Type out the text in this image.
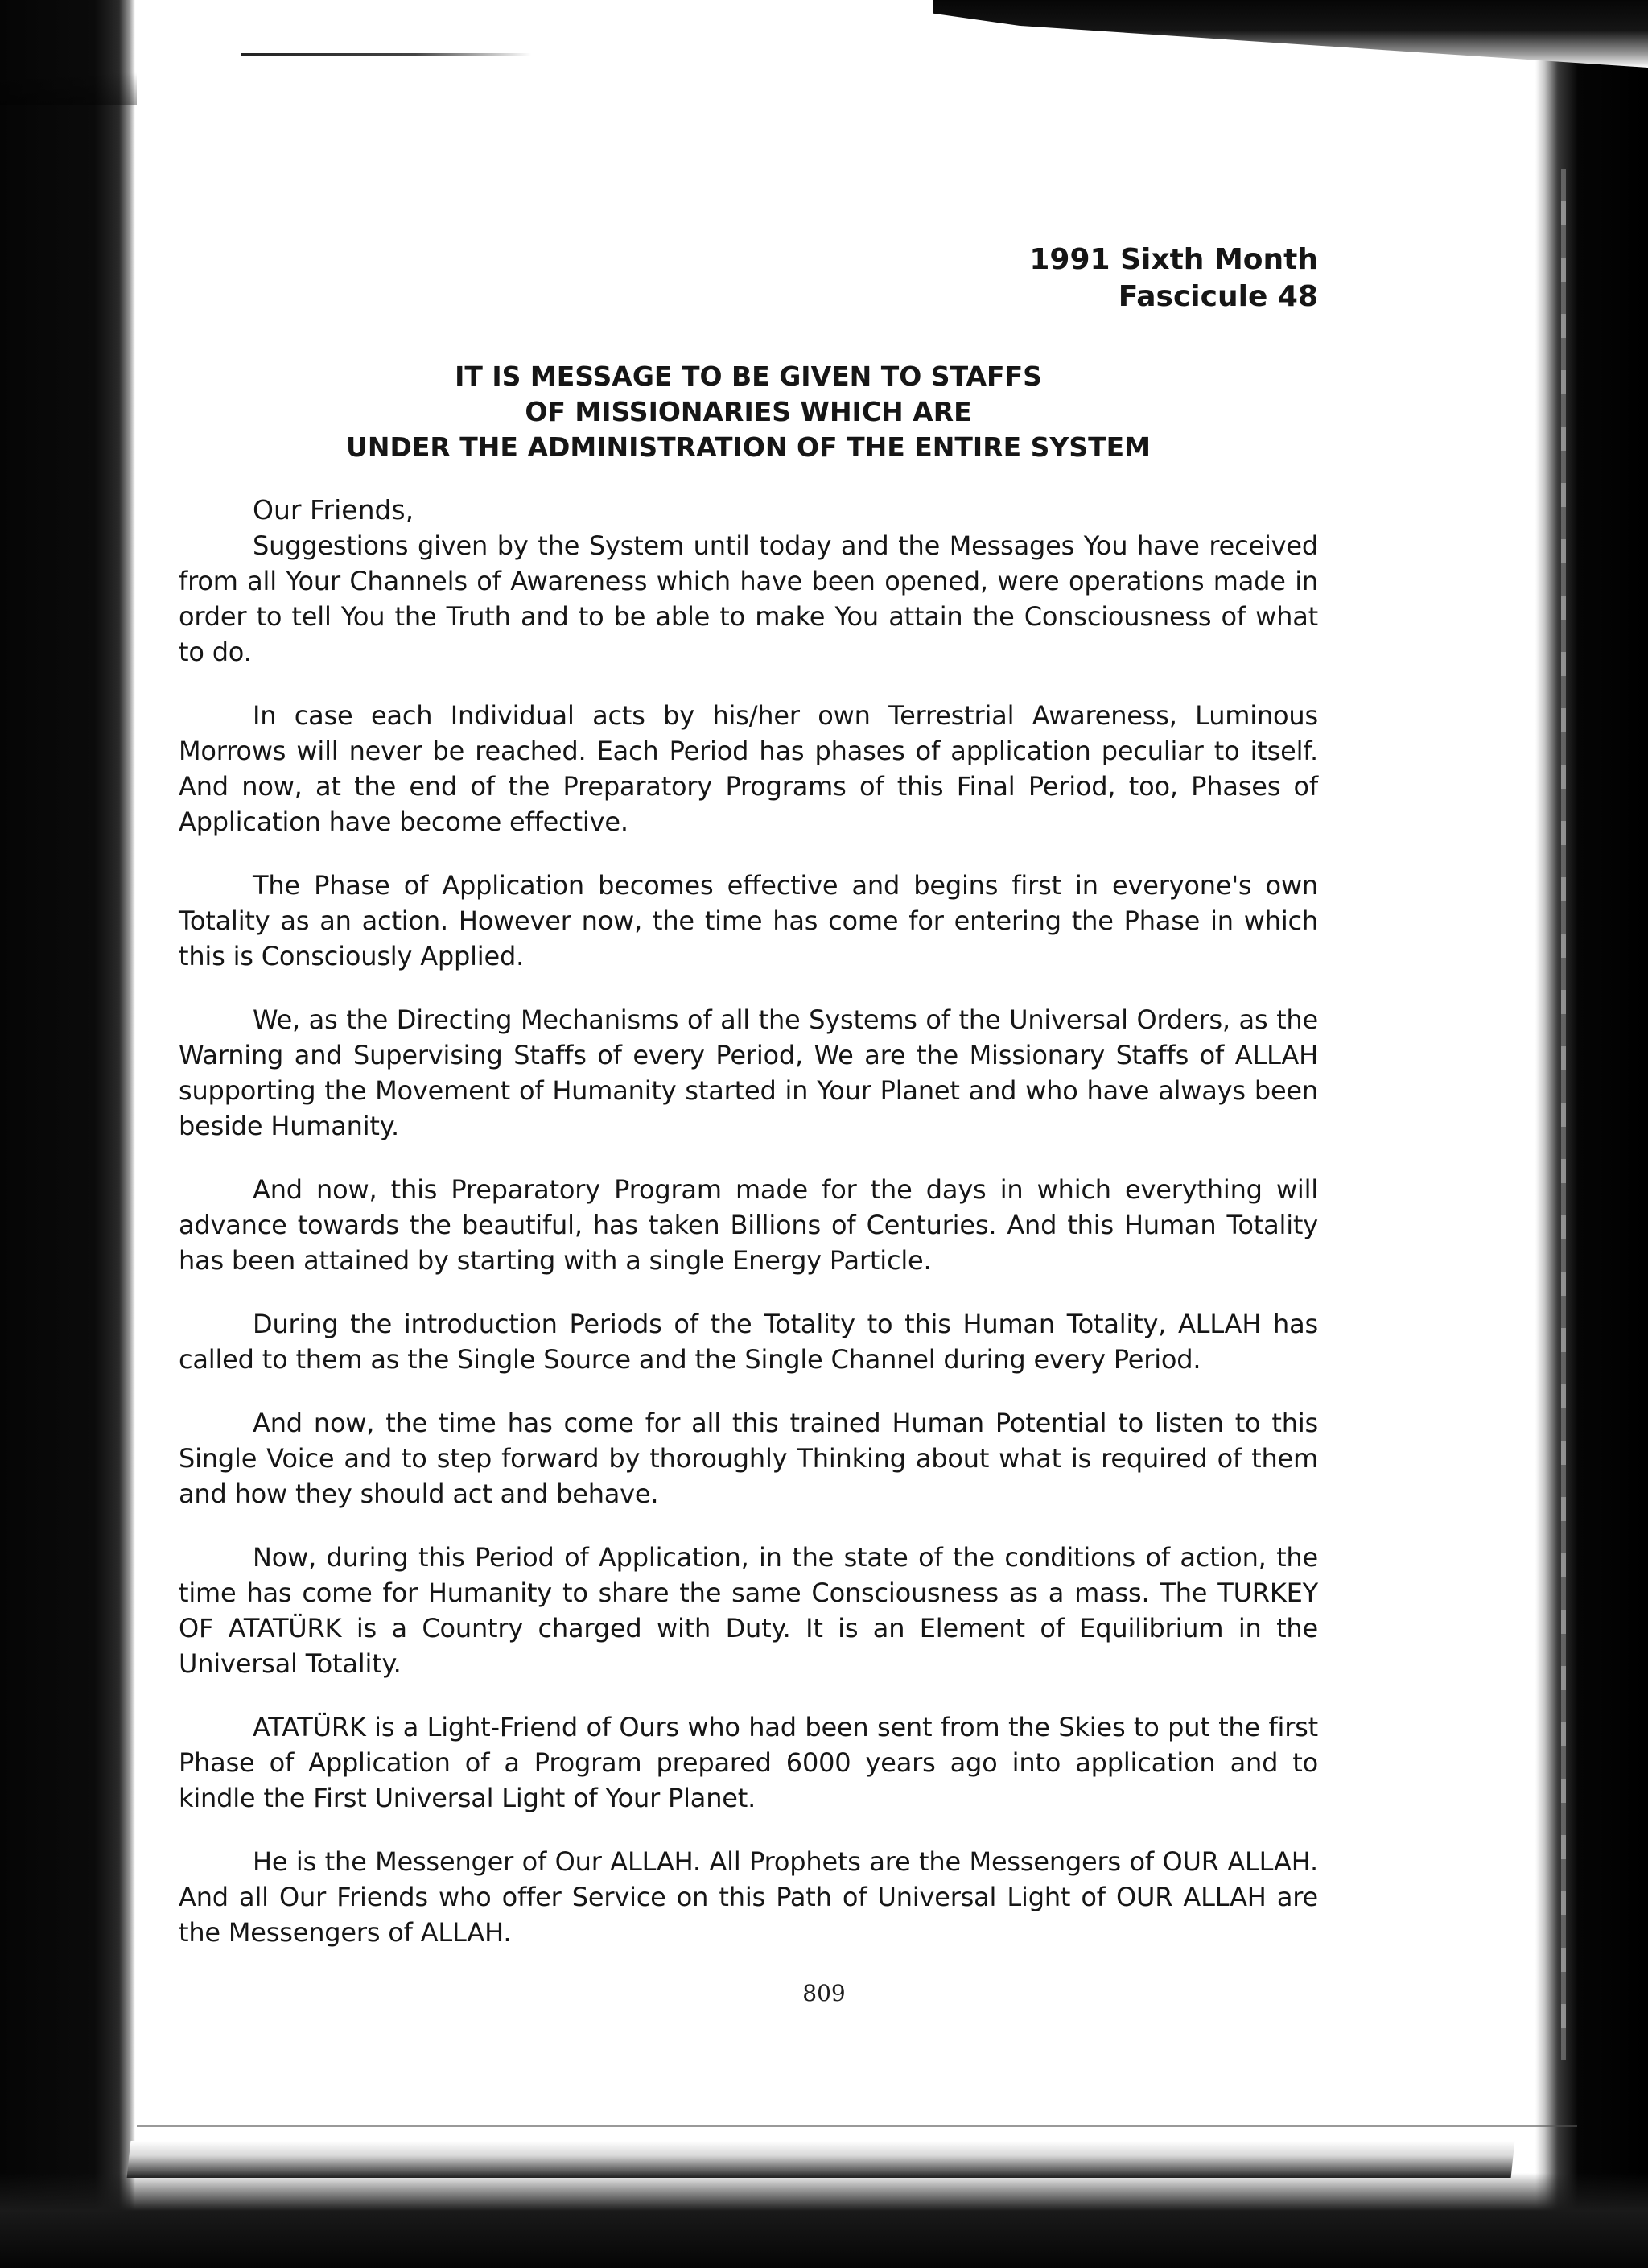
1991 Sixth Month

Fascicule 48

IT IS MESSAGE TO BE GIVEN TO STAFFS
OF MISSIONARIES WHICH ARE
UNDER THE ADMINISTRATION OF THE ENTIRE SYSTEM

Our Friends,

Suggestions given by the System until today and the Messages You have received from all Your Channels of Awareness which have been opened, were operations made in order to tell You the Truth and to be able to make You attain the Consciousness of what to do.

In case each Individual acts by his/her own Terrestrial Awareness, Luminous Morrows will never be reached. Each Period has phases of application peculiar to itself. And now, at the end of the Preparatory Programs of this Final Period, too, Phases of Application have become effective.

The Phase of Application becomes effective and begins first in everyone's own Totality as an action. However now, the time has come for entering the Phase in which this is Consciously Applied.

We, as the Directing Mechanisms of all the Systems of the Universal Orders, as the Warning and Supervising Staffs of every Period, We are the Missionary Staffs of ALLAH supporting the Movement of Humanity started in Your Planet and who have always been beside Humanity.

And now, this Preparatory Program made for the days in which everything will advance towards the beautiful, has taken Billions of Centuries. And this Human Totality has been attained by starting with a single Energy Particle.

During the introduction Periods of the Totality to this Human Totality, ALLAH has called to them as the Single Source and the Single Channel during every Period.

And now, the time has come for all this trained Human Potential to listen to this Single Voice and to step forward by thoroughly Thinking about what is required of them and how they should act and behave.

Now, during this Period of Application, in the state of the conditions of action, the time has come for Humanity to share the same Consciousness as a mass. The TURKEY OF ATATÜRK is a Country charged with Duty. It is an Element of Equilibrium in the Universal Totality.

ATATÜRK is a Light-Friend of Ours who had been sent from the Skies to put the first Phase of Application of a Program prepared 6000 years ago into application and to kindle the First Universal Light of Your Planet.

He is the Messenger of Our ALLAH. All Prophets are the Messengers of OUR ALLAH. And all Our Friends who offer Service on this Path of Universal Light of OUR ALLAH are the Messengers of ALLAH.

809
